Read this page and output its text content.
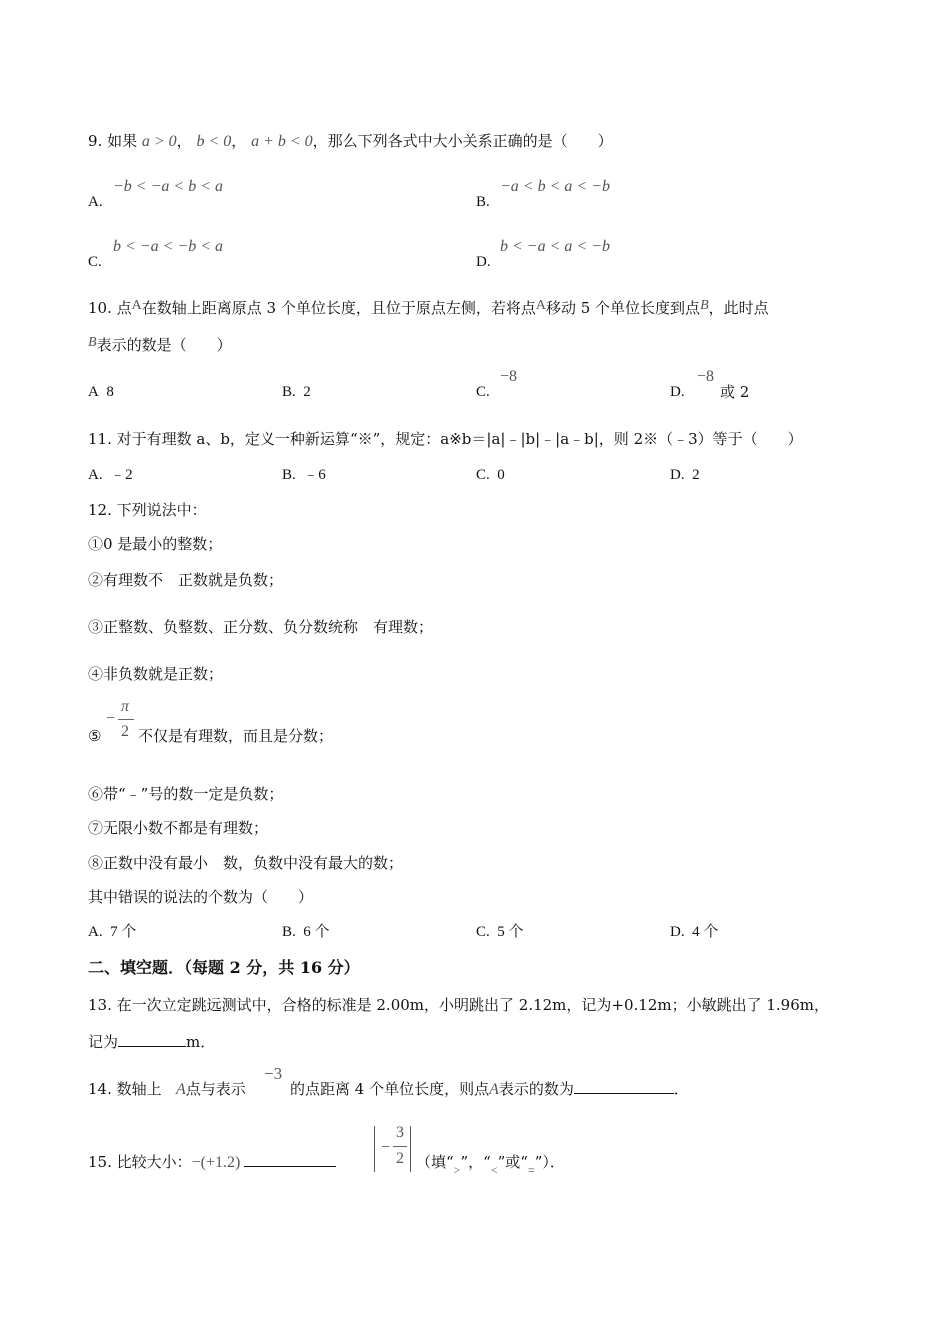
9. 如果 a > 0， b < 0， a + b < 0，那么下列各式中大小关系正确的是（　　）
A.
−b < −a < b < a
B.
−a < b < a < −b
C.
b < −a < −b < a
D.
b < −a < a < −b
10. 点A在数轴上距离原点 3 个单位长度，且位于原点左侧，若将点A移动 5 个单位长度到点B，此时点
B表示的数是（　　）
A 8	B. 2	C.
−8
D.
−8
或 2
11. 对于有理数 a、b，定义一种新运算“※”，规定：a※b＝|a|﹣|b|﹣|a﹣b|，则 2※（﹣3）等于（　　）
A. ﹣2	B. ﹣6	C. 0	D. 2
12. 下列说法中：
①0 是最小的整数；
②有理数不　正数就是负数；
③正整数、负整数、正分数、负分数统称　有理数；
④非负数就是正数；
⑤
−
π
2 不仅是有理数，而且是分数；
⑥带“﹣”号的数一定是负数；
⑦无限小数不都是有理数；
⑧正数中没有最小　数，负数中没有最大的数；
其中错误的说法的个数为（　　）
A. 7 个	B. 6 个	C. 5 个	D. 4 个
二、填空题．（每题 2 分，共 16 分）
13. 在一次立定跳远测试中，合格的标准是 2.00m，小明跳出了 2.12m，记为+0.12m；小敏跳出了 1.96m，
记为	m．
14. 数轴上 A点与表示
−3
的点距离 4 个单位长度，则点A表示的数为	．
15. 比较大小：−(+1.2)
−
3
2 （填“$_>$”，“$_<$”或“$_=$”）．
